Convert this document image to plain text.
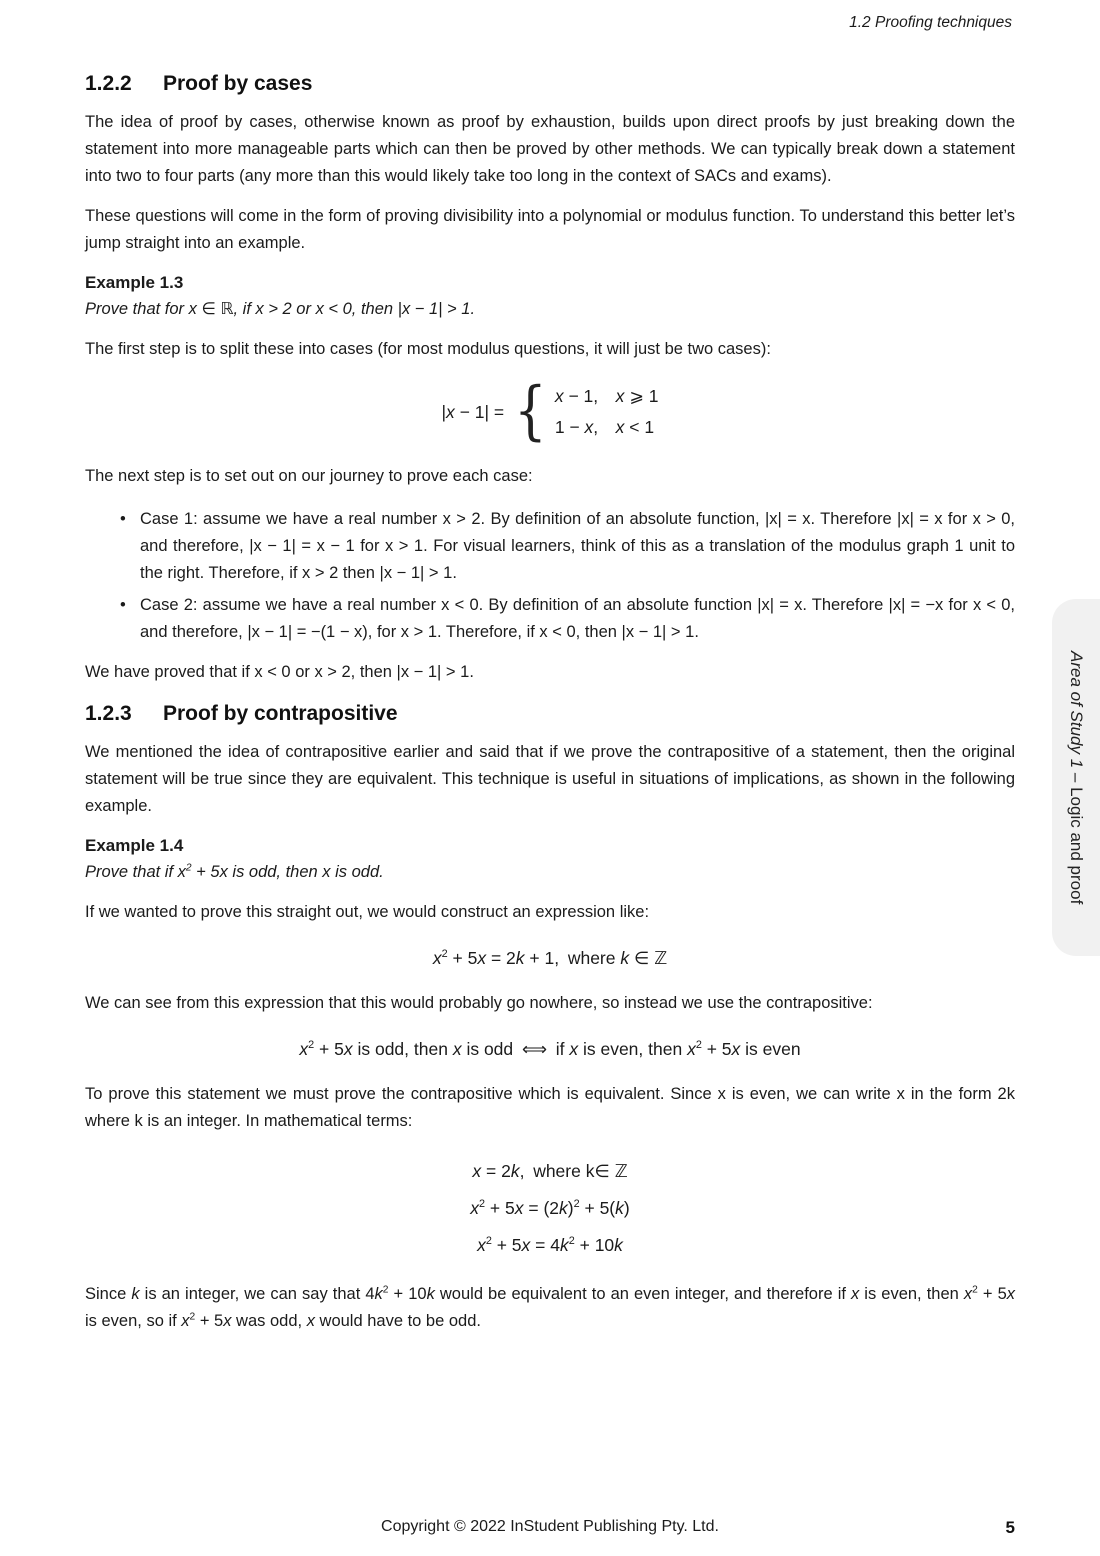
1.2 Proofing techniques
1.2.2	Proof by cases

The idea of proof by cases, otherwise known as proof by exhaustion, builds upon direct proofs by just breaking down the statement into more manageable parts which can then be proved by other methods. We can typically break down a statement into two to four parts (any more than this would likely take too long in the context of SACs and exams).

These questions will come in the form of proving divisibility into a polynomial or modulus function. To understand this better let’s jump straight into an example.

Example 1.3
Prove that for x ∈ ℝ, if x > 2 or x < 0, then |x − 1| > 1.

The first step is to split these into cases (for most modulus questions, it will just be two cases):

|x − 1| = { x − 1, x ⩾ 1
1 − x, x < 1

The next step is to set out on our journey to prove each case:

• Case 1: assume we have a real number x > 2. By definition of an absolute function, |x| = x. Therefore |x| = x for x > 0, and therefore, |x − 1| = x − 1 for x > 1. For visual learners, think of this as a translation of the modulus graph 1 unit to the right. Therefore, if x > 2 then |x − 1| > 1.
• Case 2: assume we have a real number x < 0. By definition of an absolute function |x| = x. Therefore |x| = −x for x < 0, and therefore, |x − 1| = −(1 − x), for x > 1. Therefore, if x < 0, then |x − 1| > 1.

We have proved that if x < 0 or x > 2, then |x − 1| > 1.

1.2.3	Proof by contrapositive

We mentioned the idea of contrapositive earlier and said that if we prove the contrapositive of a statement, then the original statement will be true since they are equivalent. This technique is useful in situations of implications, as shown in the following example.

Example 1.4
Prove that if $x^2 + 5x$ is odd, then x is odd.

If we wanted to prove this straight out, we would construct an expression like:

$x^2 + 5x = 2k + 1$, where k ∈ ℤ

We can see from this expression that this would probably go nowhere, so instead we use the contrapositive:

$x^2 + 5x$ is odd, then x is odd ⟺ if x is even, then $x^2 + 5x$ is even

To prove this statement we must prove the contrapositive which is equivalent. Since x is even, we can write x in the form 2k where k is an integer. In mathematical terms:

x = 2k, where k∈ ℤ
$x^2 + 5x = (2k)^2 + 5(k)$
$x^2 + 5x = 4k^2 + 10k$

Since k is an integer, we can say that $4k^2 + 10k$ would be equivalent to an even integer, and therefore if x is even, then $x^2 + 5x$ is even, so if $x^2 + 5x$ was odd, x would have to be odd.

Area of Study 1 – Logic and proof
Copyright © 2022 InStudent Publishing Pty. Ltd.	5
